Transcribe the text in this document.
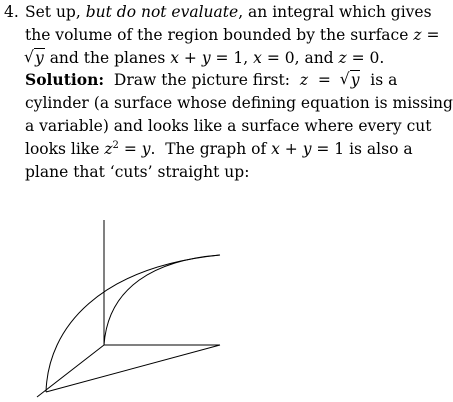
4. Set up, but do not evaluate, an integral which gives
the volume of the region bounded by the surface z =
√ y and the planes x + y = 1, x = 0, and z = 0.
Solution:  Draw the picture first:  z  =  √ y  is a
cylinder (a surface whose defining equation is missing
a variable) and looks like a surface where every cut
looks like $z^2 = y$.  The graph of x + y = 1 is also a
plane that ‘cuts’ straight up:
